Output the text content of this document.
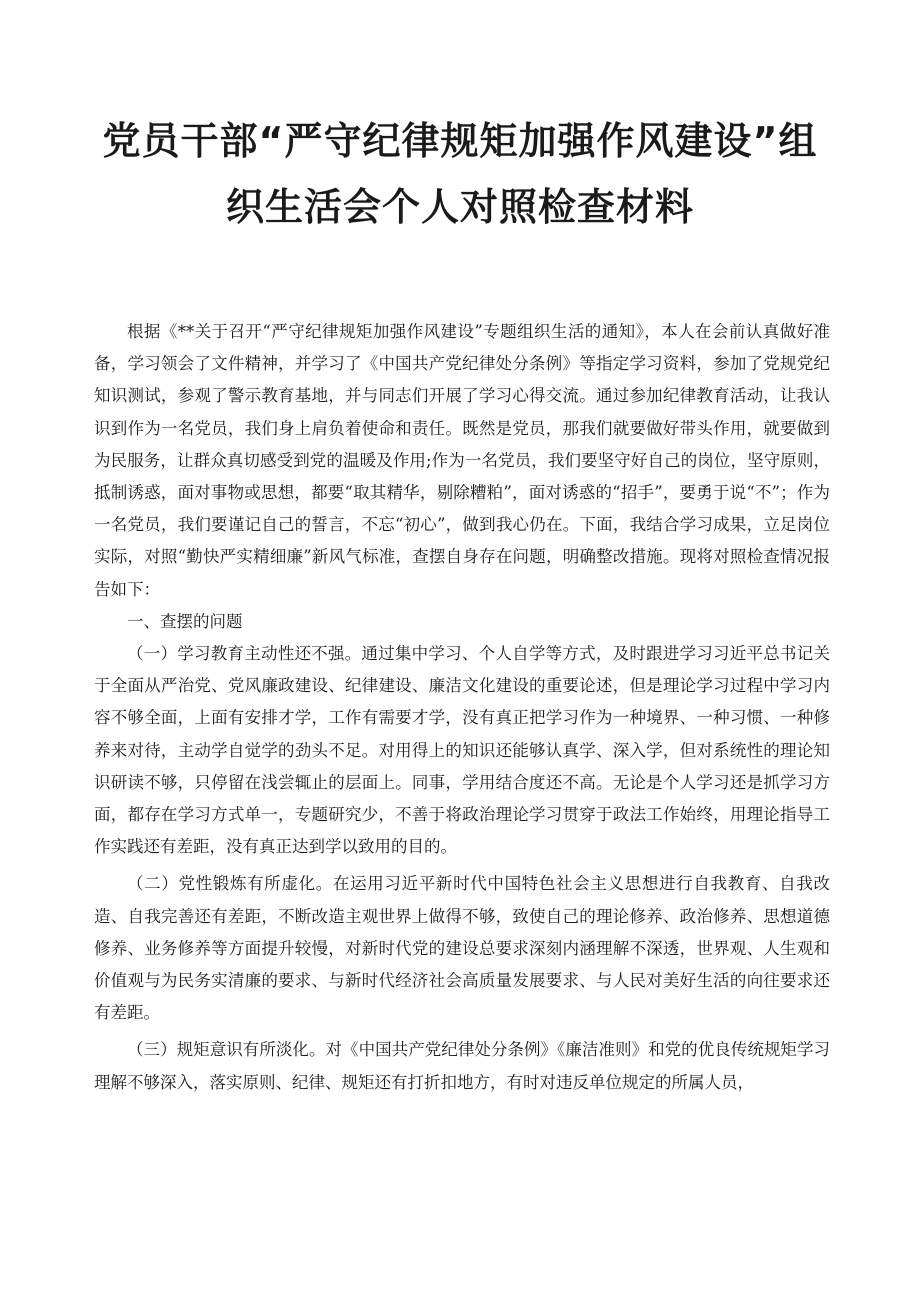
党员干部“严守纪律规矩加强作风建设”组
织生活会个人对照检查材料

根据《**关于召开“严守纪律规矩加强作风建设”专题组织生活的通知》，本人在会前认真做好准备，学习领会了文件精神，并学习了《中国共产党纪律处分条例》等指定学习资料，参加了党规党纪知识测试，参观了警示教育基地，并与同志们开展了学习心得交流。通过参加纪律教育活动，让我认识到作为一名党员，我们身上肩负着使命和责任。既然是党员，那我们就要做好带头作用，就要做到为民服务，让群众真切感受到党的温暖及作用;作为一名党员，我们要坚守好自己的岗位，坚守原则，抵制诱惑，面对事物或思想，都要“取其精华，剔除糟粕”，面对诱惑的“招手”，要勇于说“不”；作为一名党员，我们要谨记自己的誓言，不忘“初心”，做到我心仍在。下面，我结合学习成果，立足岗位实际，对照“勤快严实精细廉”新风气标准，查摆自身存在问题，明确整改措施。现将对照检查情况报告如下：

一、查摆的问题

（一）学习教育主动性还不强。通过集中学习、个人自学等方式，及时跟进学习习近平总书记关于全面从严治党、党风廉政建设、纪律建设、廉洁文化建设的重要论述，但是理论学习过程中学习内容不够全面，上面有安排才学，工作有需要才学，没有真正把学习作为一种境界、一种习惯、一种修养来对待，主动学自觉学的劲头不足。对用得上的知识还能够认真学、深入学，但对系统性的理论知识研读不够，只停留在浅尝辄止的层面上。同事，学用结合度还不高。无论是个人学习还是抓学习方面，都存在学习方式单一，专题研究少，不善于将政治理论学习贯穿于政法工作始终，用理论指导工作实践还有差距，没有真正达到学以致用的目的。

（二）党性锻炼有所虚化。在运用习近平新时代中国特色社会主义思想进行自我教育、自我改造、自我完善还有差距，不断改造主观世界上做得不够，致使自己的理论修养、政治修养、思想道德修养、业务修养等方面提升较慢，对新时代党的建设总要求深刻内涵理解不深透，世界观、人生观和价值观与为民务实清廉的要求、与新时代经济社会高质量发展要求、与人民对美好生活的向往要求还有差距。

（三）规矩意识有所淡化。对《中国共产党纪律处分条例》《廉洁准则》和党的优良传统规矩学习理解不够深入，落实原则、纪律、规矩还有打折扣地方，有时对违反单位规定的所属人员，
